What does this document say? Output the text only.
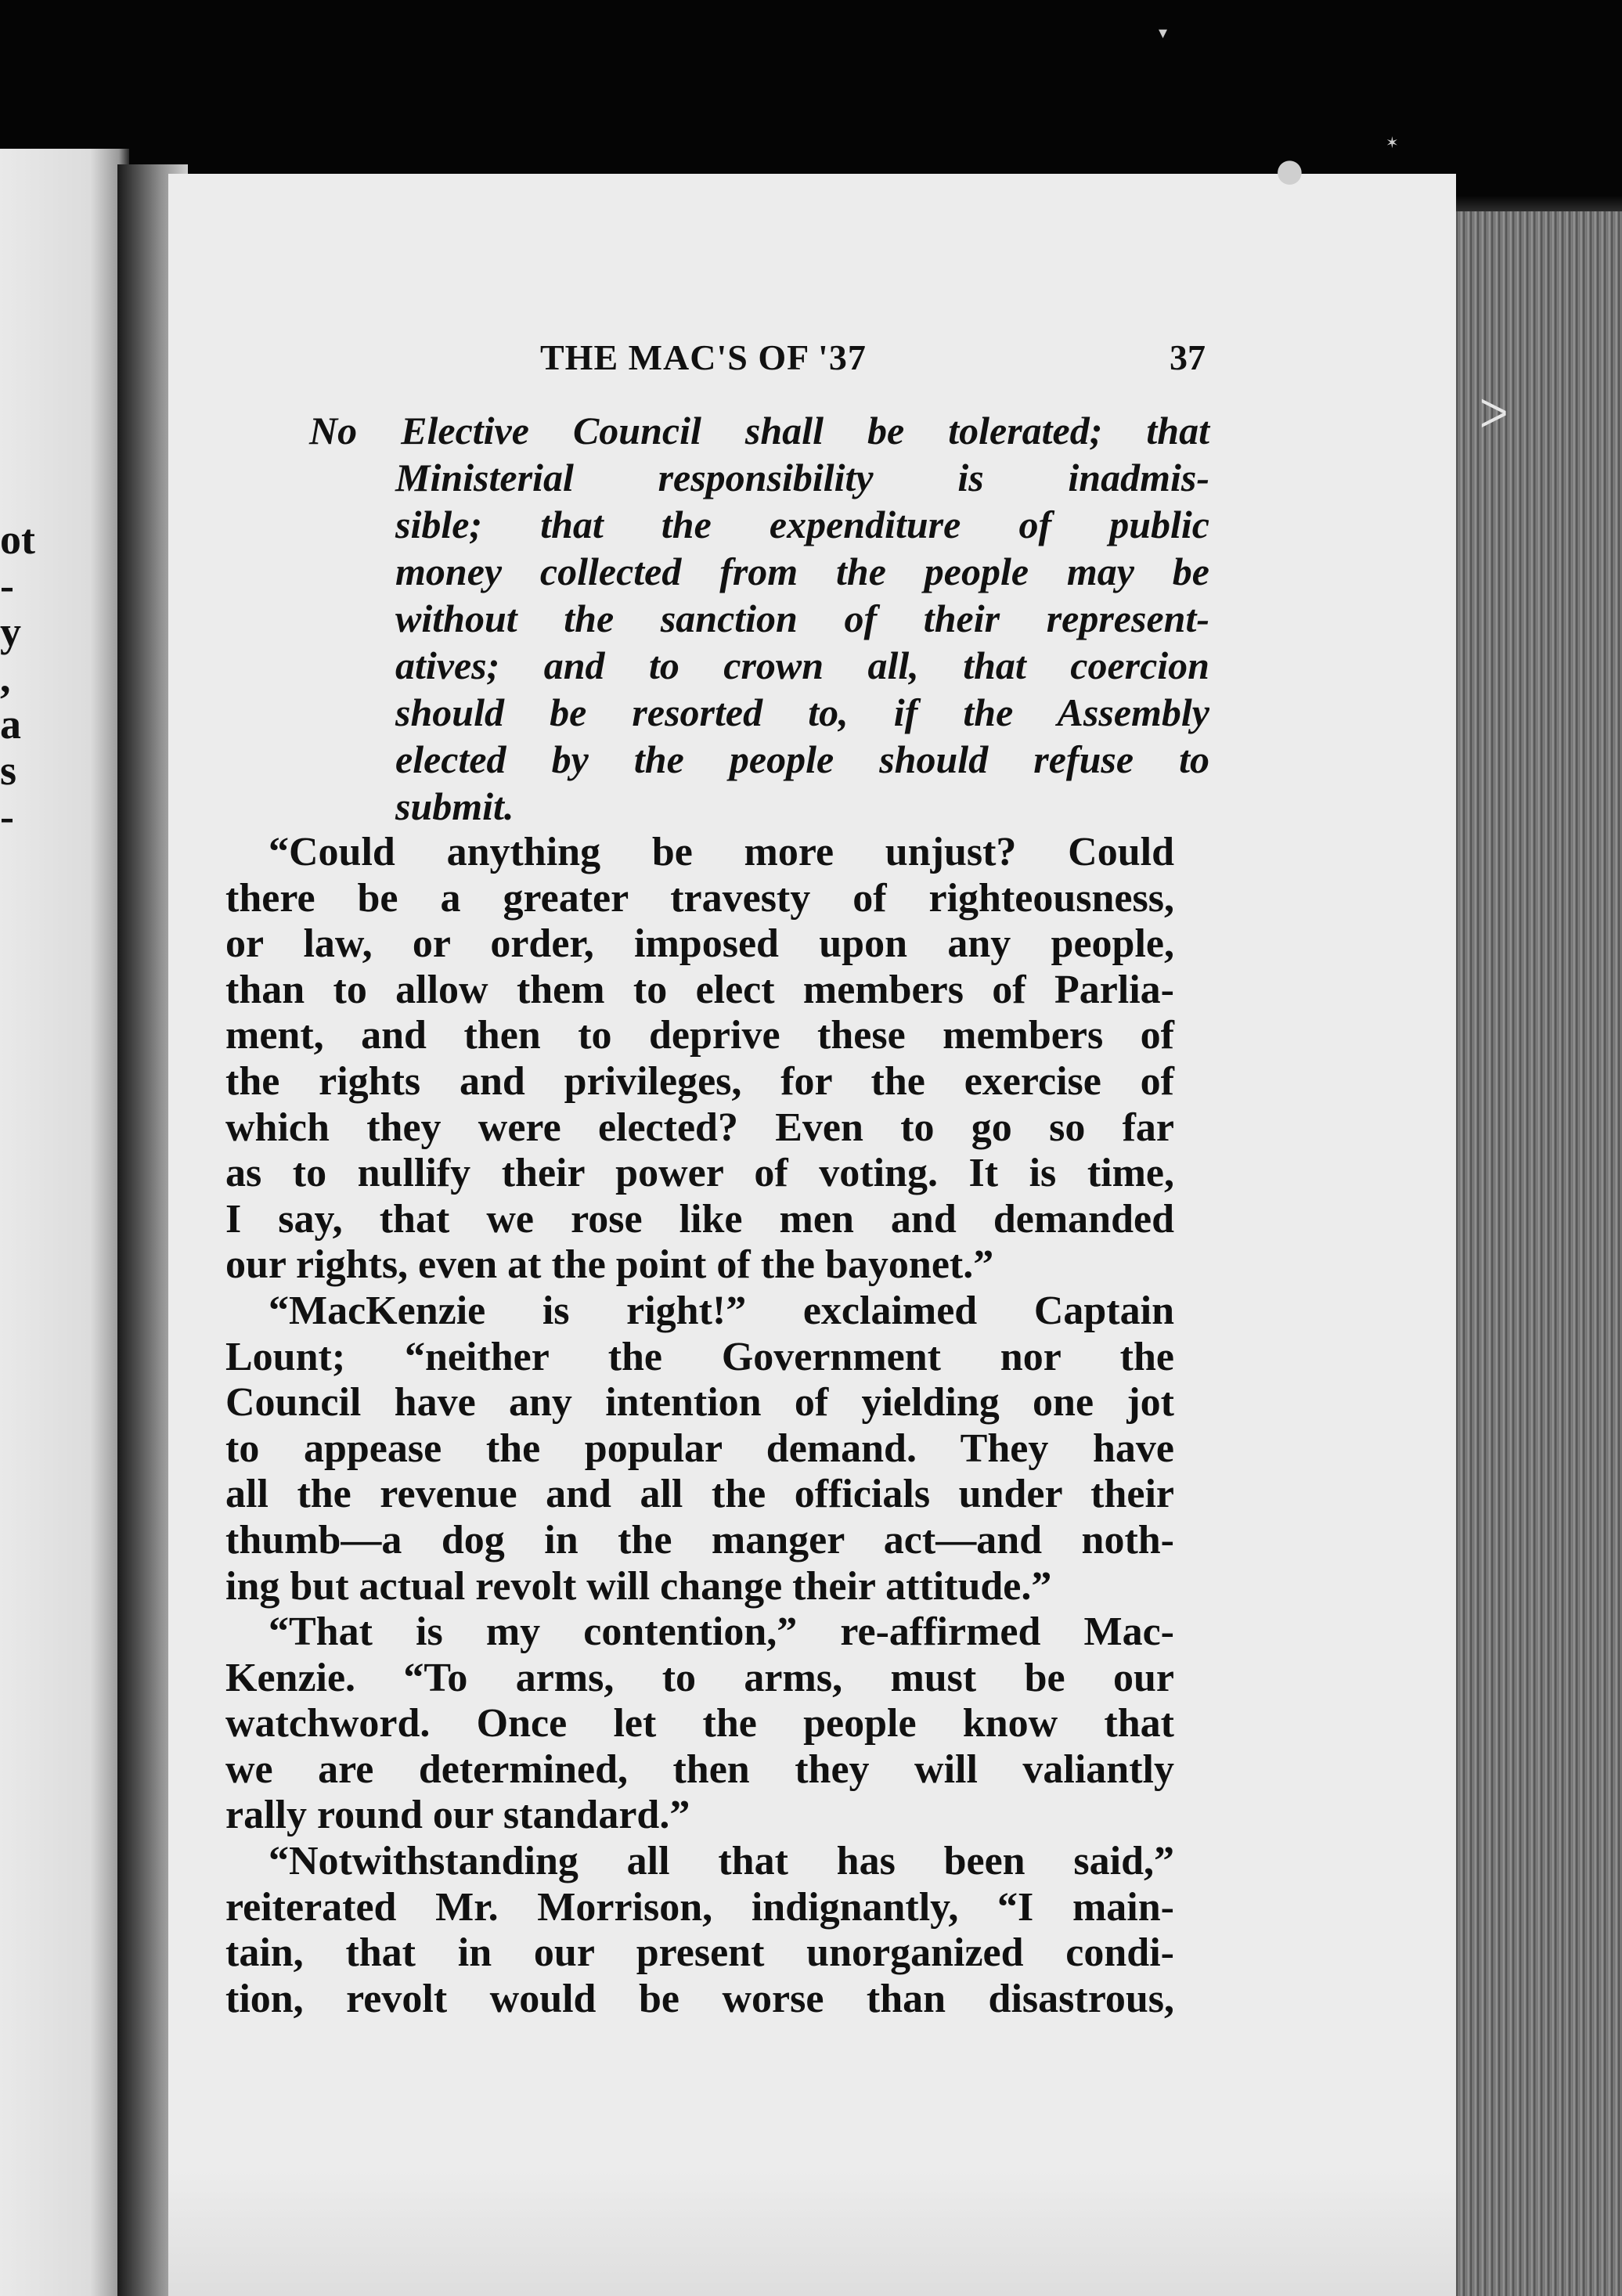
ot
-
y
,
a
s
-
▾
●
✶
ᐳ
THE MAC'S OF '37	37
No Elective Council shall be tolerated; that
Ministerial responsibility is inadmis-
sible; that the expenditure of public
money collected from the people may be
without the sanction of their represent-
atives; and to crown all, that coercion
should be resorted to, if the Assembly
elected by the people should refuse to
submit.
“Could anything be more unjust? Could
there be a greater travesty of righteousness,
or law, or order, imposed upon any people,
than to allow them to elect members of Parlia-
ment, and then to deprive these members of
the rights and privileges, for the exercise of
which they were elected? Even to go so far
as to nullify their power of voting. It is time,
I say, that we rose like men and demanded
our rights, even at the point of the bayonet.”
“MacKenzie is right!” exclaimed Captain
Lount; “neither the Government nor the
Council have any intention of yielding one jot
to appease the popular demand. They have
all the revenue and all the officials under their
thumb—a dog in the manger act—and noth-
ing but actual revolt will change their attitude.”
“That is my contention,” re-affirmed Mac-
Kenzie. “To arms, to arms, must be our
watchword. Once let the people know that
we are determined, then they will valiantly
rally round our standard.”
“Notwithstanding all that has been said,”
reiterated Mr. Morrison, indignantly, “I main-
tain, that in our present unorganized condi-
tion, revolt would be worse than disastrous,
